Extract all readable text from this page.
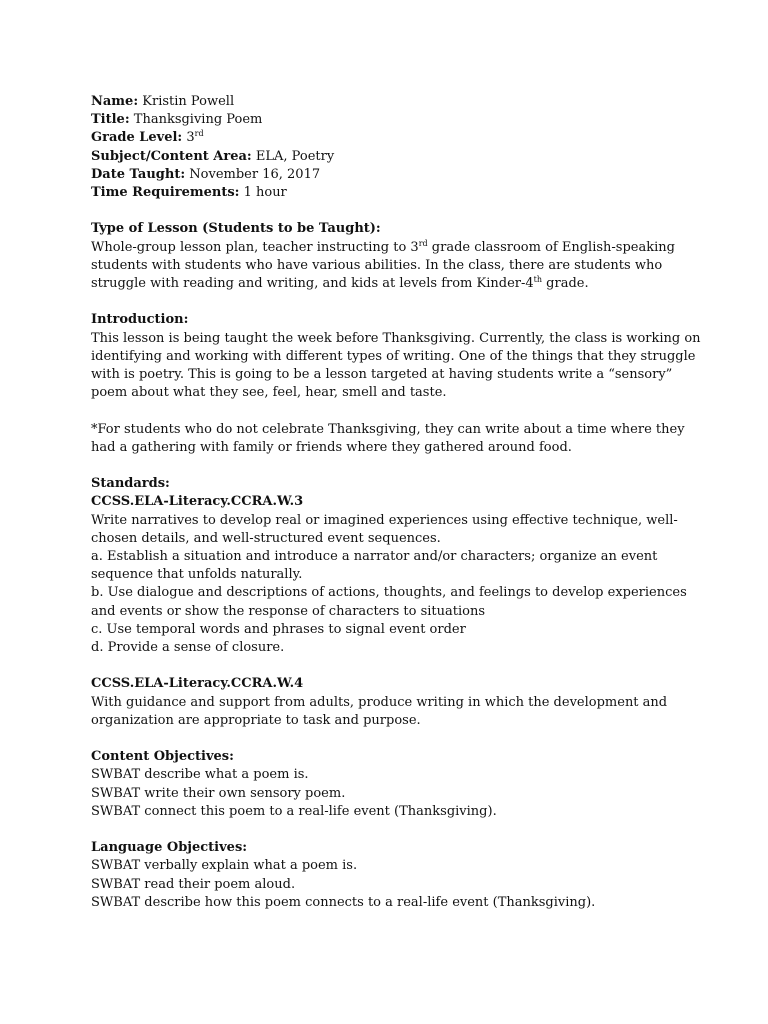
Name: Kristin Powell
Title: Thanksgiving Poem
Grade Level: 3rd
Subject/Content Area: ELA, Poetry
Date Taught: November 16, 2017
Time Requirements: 1 hour
Type of Lesson (Students to be Taught):
Whole-group lesson plan, teacher instructing to 3rd grade classroom of English-speaking
students with students who have various abilities. In the class, there are students who
struggle with reading and writing, and kids at levels from Kinder-4th grade.
Introduction:
This lesson is being taught the week before Thanksgiving. Currently, the class is working on
identifying and working with different types of writing. One of the things that they struggle
with is poetry. This is going to be a lesson targeted at having students write a “sensory”
poem about what they see, feel, hear, smell and taste.
*For students who do not celebrate Thanksgiving, they can write about a time where they
had a gathering with family or friends where they gathered around food.
Standards:
CCSS.ELA-Literacy.CCRA.W.3
Write narratives to develop real or imagined experiences using effective technique, well-
chosen details, and well-structured event sequences.
a. Establish a situation and introduce a narrator and/or characters; organize an event
sequence that unfolds naturally.
b. Use dialogue and descriptions of actions, thoughts, and feelings to develop experiences
and events or show the response of characters to situations
c. Use temporal words and phrases to signal event order
d. Provide a sense of closure.
CCSS.ELA-Literacy.CCRA.W.4
With guidance and support from adults, produce writing in which the development and
organization are appropriate to task and purpose.
Content Objectives:
SWBAT describe what a poem is.
SWBAT write their own sensory poem.
SWBAT connect this poem to a real-life event (Thanksgiving).
Language Objectives:
SWBAT verbally explain what a poem is.
SWBAT read their poem aloud.
SWBAT describe how this poem connects to a real-life event (Thanksgiving).
